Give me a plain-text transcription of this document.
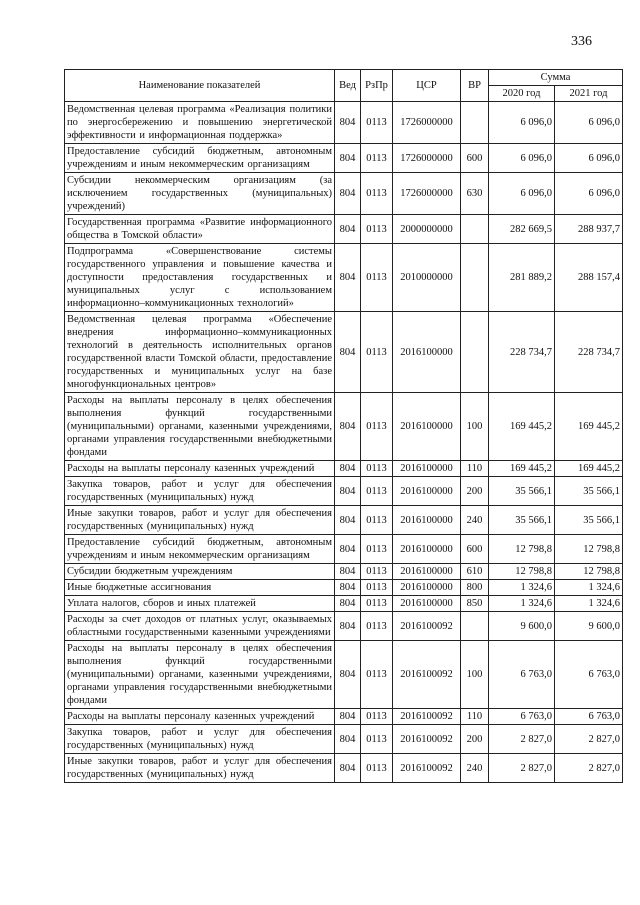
336
Наименование показателей	Вед	РзПр	ЦСР	ВР	Сумма	
					2020 год	2021 год
Ведомственная целевая программа «Реализация политики по энергосбережению и повышению энергетической эффективности и информационная поддержка»	804	0113	1726000000		6 096,0	6 096,0
Предоставление субсидий бюджетным, автономным учреждениям и иным некоммерческим организациям	804	0113	1726000000	600	6 096,0	6 096,0
Субсидии некоммерческим организациям (за исключением государственных (муниципальных) учреждений)	804	0113	1726000000	630	6 096,0	6 096,0
Государственная программа «Развитие информационного общества в Томской области»	804	0113	2000000000		282 669,5	288 937,7
Подпрограмма «Совершенствование системы государственного управления и повышение качества и доступности предоставления государственных и муниципальных услуг с использованием информационно–коммуникационных технологий»	804	0113	2010000000		281 889,2	288 157,4
Ведомственная целевая программа «Обеспечение внедрения информационно–коммуникационных технологий в деятельность исполнительных органов государственной власти Томской области, предоставление государственных и муниципальных услуг на базе многофункциональных центров»	804	0113	2016100000		228 734,7	228 734,7
Расходы на выплаты персоналу в целях обеспечения выполнения функций государственными (муниципальными) органами, казенными учреждениями, органами управления государственными внебюджетными фондами	804	0113	2016100000	100	169 445,2	169 445,2
Расходы на выплаты персоналу казенных учреждений	804	0113	2016100000	110	169 445,2	169 445,2
Закупка товаров, работ и услуг для обеспечения государственных (муниципальных) нужд	804	0113	2016100000	200	35 566,1	35 566,1
Иные закупки товаров, работ и услуг для обеспечения государственных (муниципальных) нужд	804	0113	2016100000	240	35 566,1	35 566,1
Предоставление субсидий бюджетным, автономным учреждениям и иным некоммерческим организациям	804	0113	2016100000	600	12 798,8	12 798,8
Субсидии бюджетным учреждениям	804	0113	2016100000	610	12 798,8	12 798,8
Иные бюджетные ассигнования	804	0113	2016100000	800	1 324,6	1 324,6
Уплата налогов, сборов и иных платежей	804	0113	2016100000	850	1 324,6	1 324,6
Расходы за счет доходов от платных услуг, оказываемых областными государственными казенными учреждениями	804	0113	2016100092		9 600,0	9 600,0
Расходы на выплаты персоналу в целях обеспечения выполнения функций государственными (муниципальными) органами, казенными учреждениями, органами управления государственными внебюджетными фондами	804	0113	2016100092	100	6 763,0	6 763,0
Расходы на выплаты персоналу казенных учреждений	804	0113	2016100092	110	6 763,0	6 763,0
Закупка товаров, работ и услуг для обеспечения государственных (муниципальных) нужд	804	0113	2016100092	200	2 827,0	2 827,0
Иные закупки товаров, работ и услуг для обеспечения государственных (муниципальных) нужд	804	0113	2016100092	240	2 827,0	2 827,0
